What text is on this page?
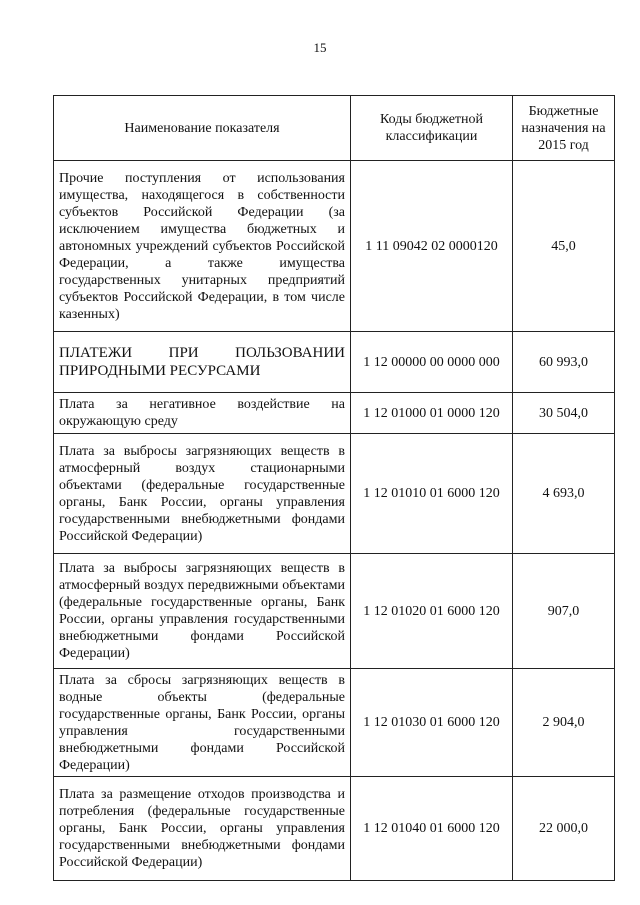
15
Наименование показателя	Коды бюджетной классификации	Бюджетные назначения на 2015 год
Прочие поступления от использования имущества, находящегося в собственности субъектов Российской Федерации (за исключением имущества бюджетных и автономных учреждений субъектов Российской Федерации, а также имущества государственных унитарных предприятий субъектов Российской Федерации, в том числе казенных)	1 11 09042 02 0000120	45,0
ПЛАТЕЖИ ПРИ ПОЛЬЗОВАНИИ ПРИРОДНЫМИ РЕСУРСАМИ	1 12 00000 00 0000 000	60 993,0
Плата за негативное воздействие на окружающую среду	1 12 01000 01 0000 120	30 504,0
Плата за выбросы загрязняющих веществ в атмосферный воздух стационарными объектами (федеральные государственные органы, Банк России, органы управления государственными внебюджетными фондами Российской Федерации)	1 12 01010 01 6000 120	4 693,0
Плата за выбросы загрязняющих веществ в атмосферный воздух передвижными объектами (федеральные государственные органы, Банк России, органы управления государственными внебюджетными фондами Российской Федерации)	1 12 01020 01 6000 120	907,0
Плата за сбросы загрязняющих веществ в водные объекты (федеральные государственные органы, Банк России, органы управления государственными внебюджетными фондами Российской Федерации)	1 12 01030 01 6000 120	2 904,0
Плата за размещение отходов производства и потребления (федеральные государственные органы, Банк России, органы управления государственными внебюджетными фондами Российской Федерации)	1 12 01040 01 6000 120	22 000,0
